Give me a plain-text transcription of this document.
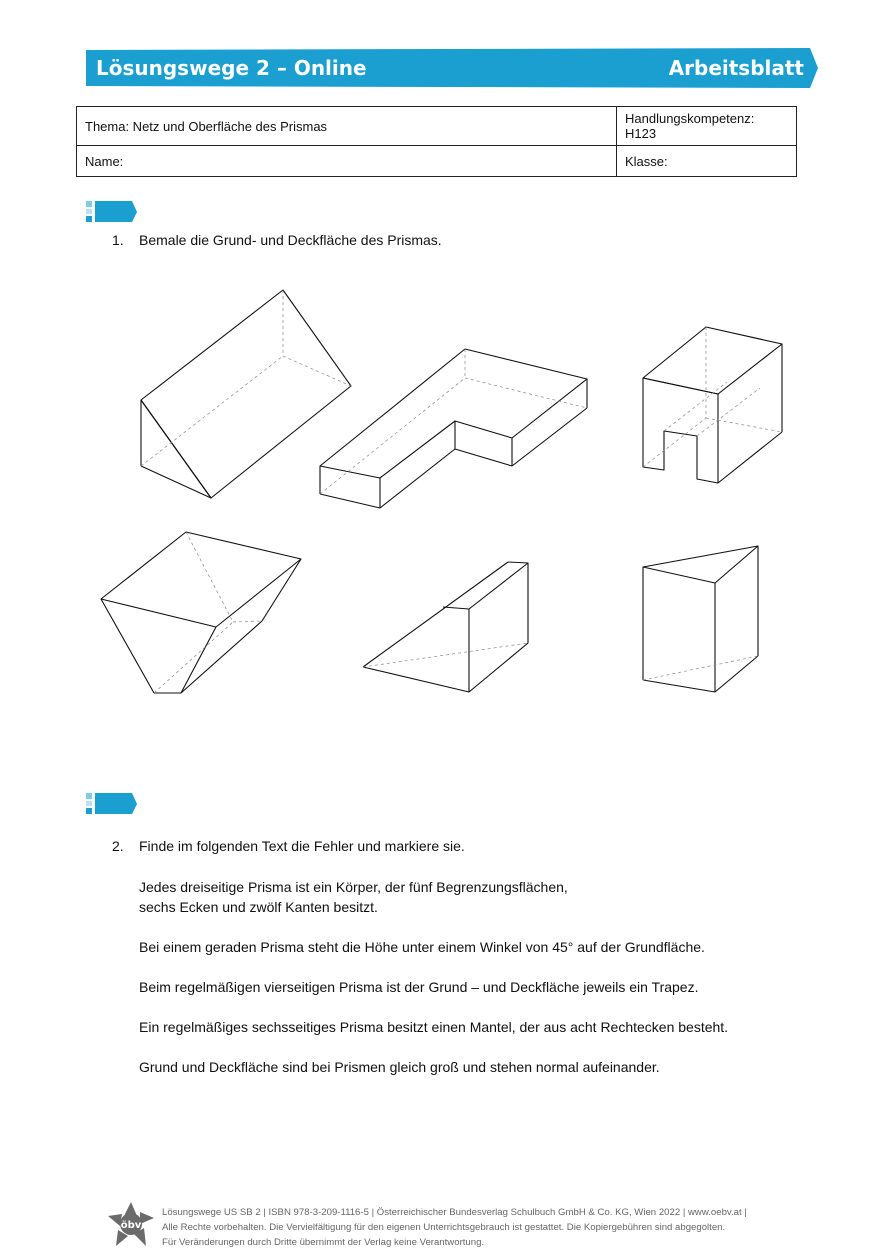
Lösungswege 2 – Online	Arbeitsblatt
Thema: Netz und Oberfläche des Prismas	Handlungskompetenz:
H123

Name:	Klasse:
1. Bemale die Grund- und Deckfläche des Prismas.
2. Finde im folgenden Text die Fehler und markiere sie.
Jedes dreiseitige Prisma ist ein Körper, der fünf Begrenzungsflächen,
sechs Ecken und zwölf Kanten besitzt.
Bei einem geraden Prisma steht die Höhe unter einem Winkel von 45° auf der Grundfläche.
Beim regelmäßigen vierseitigen Prisma ist der Grund – und Deckfläche jeweils ein Trapez.
Ein regelmäßiges sechsseitiges Prisma besitzt einen Mantel, der aus acht Rechtecken besteht.
Grund und Deckfläche sind bei Prismen gleich groß und stehen normal aufeinander.
öbv
Lösungswege US SB 2 | ISBN 978-3-209-1116-5 | Österreichischer Bundesverlag Schulbuch GmbH & Co. KG, Wien 2022 | www.oebv.at |
Alle Rechte vorbehalten. Die Vervielfältigung für den eigenen Unterrichtsgebrauch ist gestattet. Die Kopiergebühren sind abgegolten.
Für Veränderungen durch Dritte übernimmt der Verlag keine Verantwortung.
